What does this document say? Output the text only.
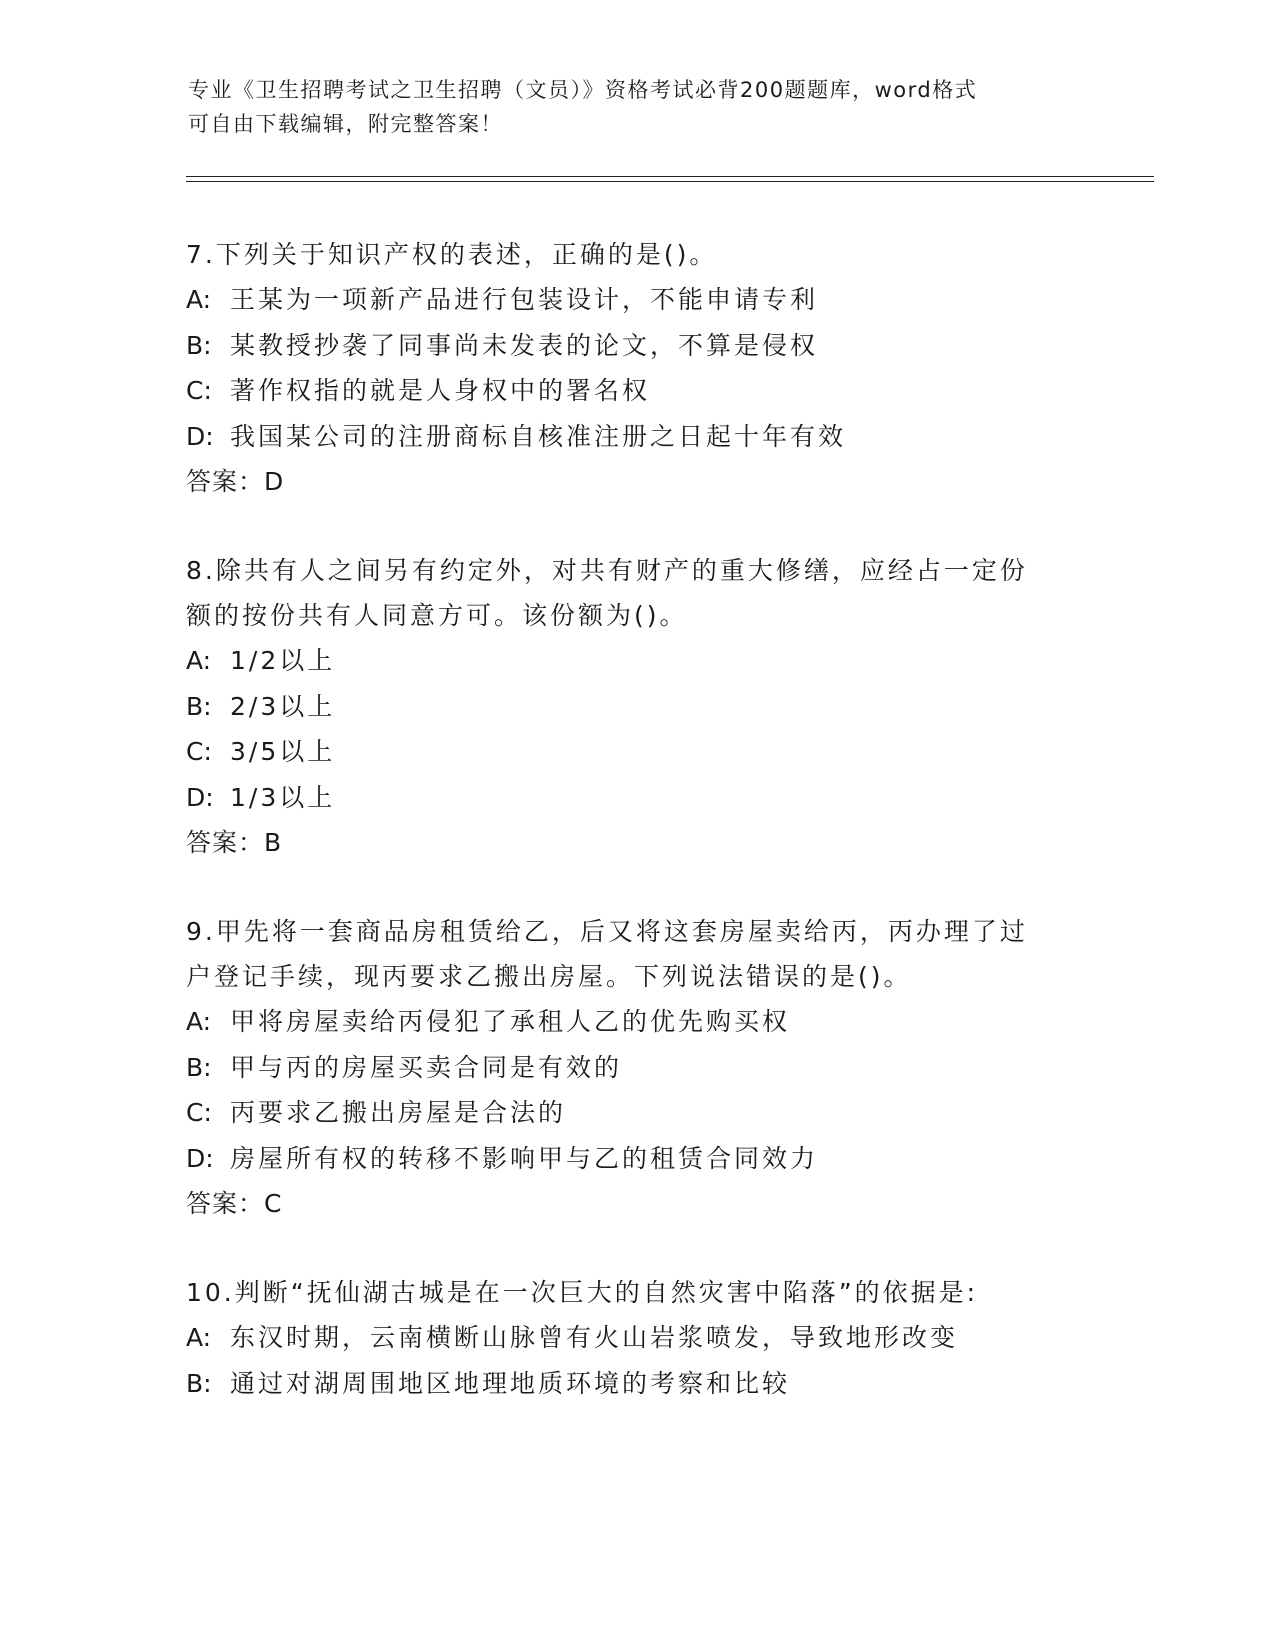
专业《卫生招聘考试之卫生招聘（文员）》资格考试必背200题题库，word格式
可自由下载编辑，附完整答案！
7.下列关于知识产权的表述，正确的是()。
A: 王某为一项新产品进行包装设计，不能申请专利
B: 某教授抄袭了同事尚未发表的论文，不算是侵权
C: 著作权指的就是人身权中的署名权
D: 我国某公司的注册商标自核准注册之日起十年有效
答案：D
8.除共有人之间另有约定外，对共有财产的重大修缮，应经占一定份
额的按份共有人同意方可。该份额为()。
A: 1/2以上
B: 2/3以上
C: 3/5以上
D: 1/3以上
答案：B
9.甲先将一套商品房租赁给乙，后又将这套房屋卖给丙，丙办理了过
户登记手续，现丙要求乙搬出房屋。下列说法错误的是()。
A: 甲将房屋卖给丙侵犯了承租人乙的优先购买权
B: 甲与丙的房屋买卖合同是有效的
C: 丙要求乙搬出房屋是合法的
D: 房屋所有权的转移不影响甲与乙的租赁合同效力
答案：C
10.判断“抚仙湖古城是在一次巨大的自然灾害中陷落”的依据是:
A: 东汉时期，云南横断山脉曾有火山岩浆喷发，导致地形改变
B: 通过对湖周围地区地理地质环境的考察和比较
